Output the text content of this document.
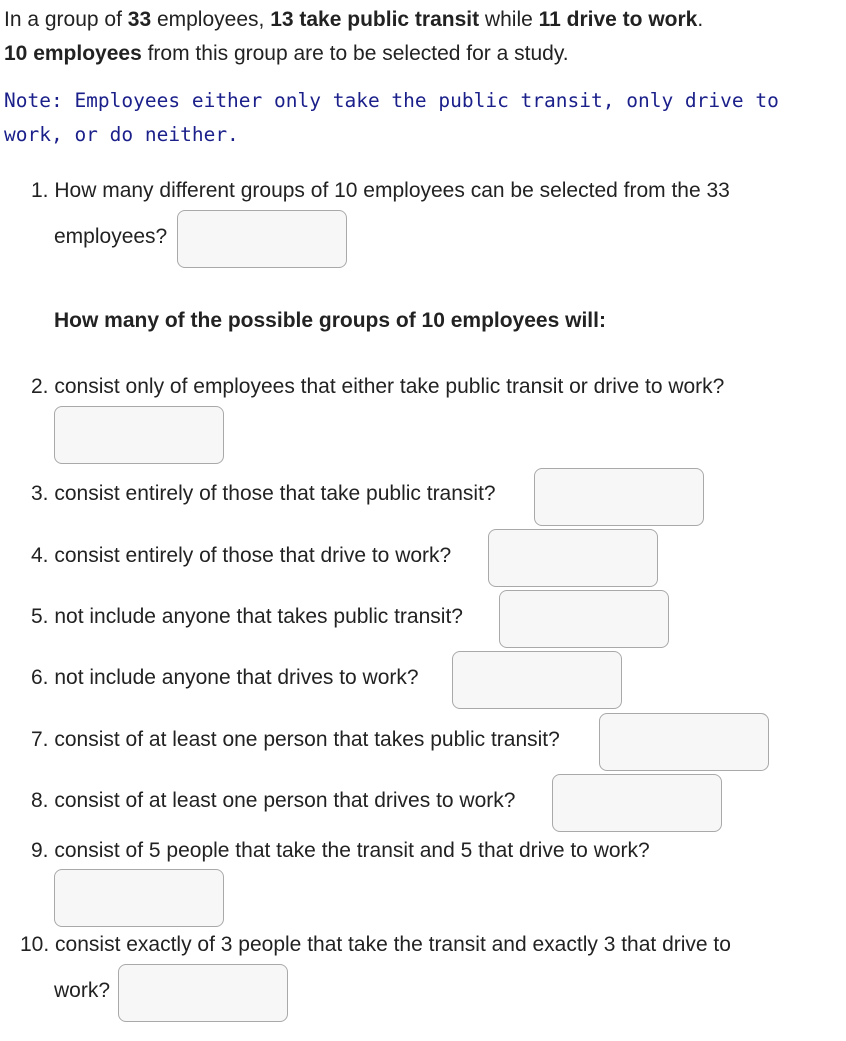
In a group of 33 employees, 13 take public transit while 11 drive to work.
10 employees from this group are to be selected for a study.
Note: Employees either only take the public transit, only drive to
work, or do neither.
1. How many different groups of 10 employees can be selected from the 33
employees?
How many of the possible groups of 10 employees will:
2. consist only of employees that either take public transit or drive to work?
3. consist entirely of those that take public transit?
4. consist entirely of those that drive to work?
5. not include anyone that takes public transit?
6. not include anyone that drives to work?
7. consist of at least one person that takes public transit?
8. consist of at least one person that drives to work?
9. consist of 5 people that take the transit and 5 that drive to work?
10. consist exactly of 3 people that take the transit and exactly 3 that drive to
work?
